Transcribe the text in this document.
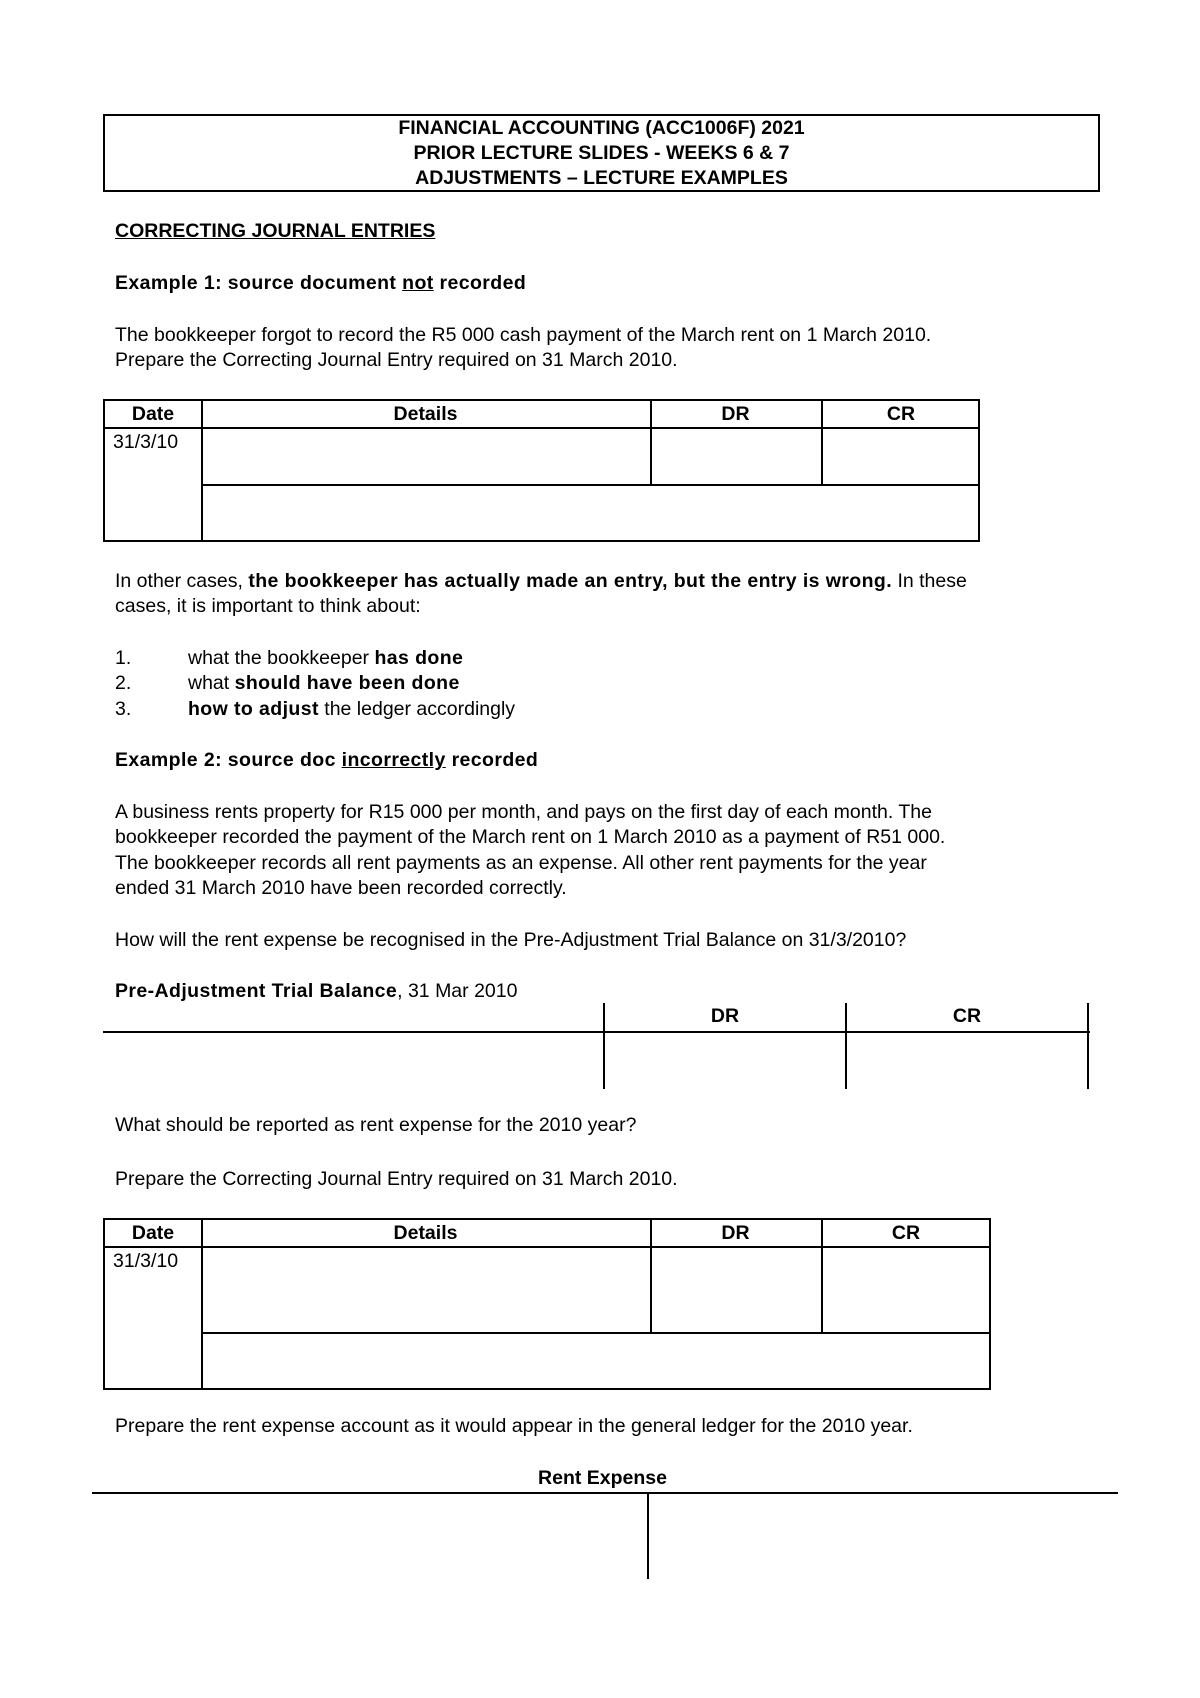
FINANCIAL ACCOUNTING (ACC1006F) 2021
PRIOR LECTURE SLIDES - WEEKS 6 & 7
ADJUSTMENTS – LECTURE EXAMPLES
CORRECTING JOURNAL ENTRIES
Example 1: source document not recorded
The bookkeeper forgot to record the R5 000 cash payment of the March rent on 1 March 2010.
Prepare the Correcting Journal Entry required on 31 March 2010.
Date	Details	DR	CR
31/3/10
In other cases, the bookkeeper has actually made an entry, but the entry is wrong. In these
cases, it is important to think about:
1.	what the bookkeeper has done
2.	what should have been done
3.	how to adjust the ledger accordingly
Example 2: source doc incorrectly recorded
A business rents property for R15 000 per month, and pays on the first day of each month. The
bookkeeper recorded the payment of the March rent on 1 March 2010 as a payment of R51 000.
The bookkeeper records all rent payments as an expense. All other rent payments for the year
ended 31 March 2010 have been recorded correctly.
How will the rent expense be recognised in the Pre-Adjustment Trial Balance on 31/3/2010?
Pre-Adjustment Trial Balance, 31 Mar 2010
DR	CR
What should be reported as rent expense for the 2010 year?
Prepare the Correcting Journal Entry required on 31 March 2010.
Date	Details	DR	CR
31/3/10
Prepare the rent expense account as it would appear in the general ledger for the 2010 year.
Rent Expense
